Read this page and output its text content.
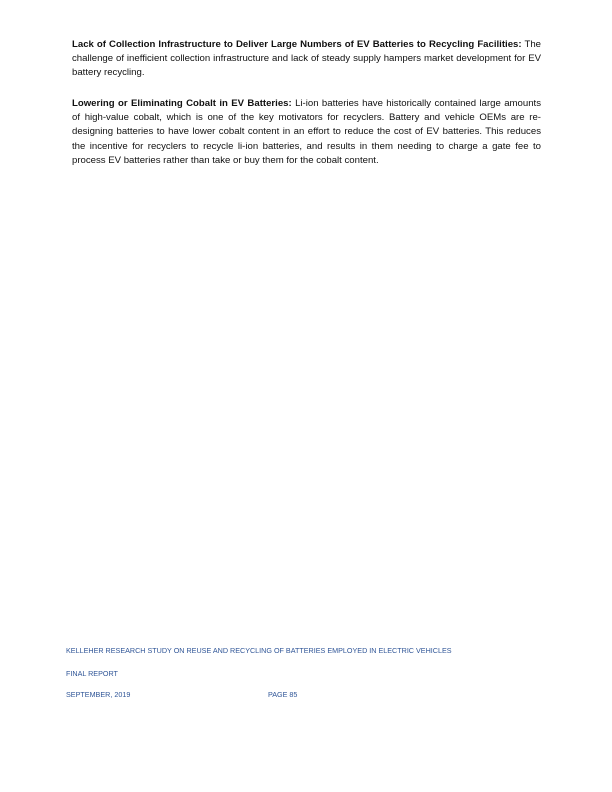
Lack of Collection Infrastructure to Deliver Large Numbers of EV Batteries to Recycling Facilities: The challenge of inefficient collection infrastructure and lack of steady supply hampers market development for EV battery recycling.

Lowering or Eliminating Cobalt in EV Batteries: Li-ion batteries have historically contained large amounts of high-value cobalt, which is one of the key motivators for recyclers. Battery and vehicle OEMs are re-designing batteries to have lower cobalt content in an effort to reduce the cost of EV batteries. This reduces the incentive for recyclers to recycle li-ion batteries, and results in them needing to charge a gate fee to process EV batteries rather than take or buy them for the cobalt content.

KELLEHER RESEARCH STUDY ON REUSE AND RECYCLING OF BATTERIES EMPLOYED IN ELECTRIC VEHICLES
FINAL REPORT
SEPTEMBER, 2019	PAGE 85
